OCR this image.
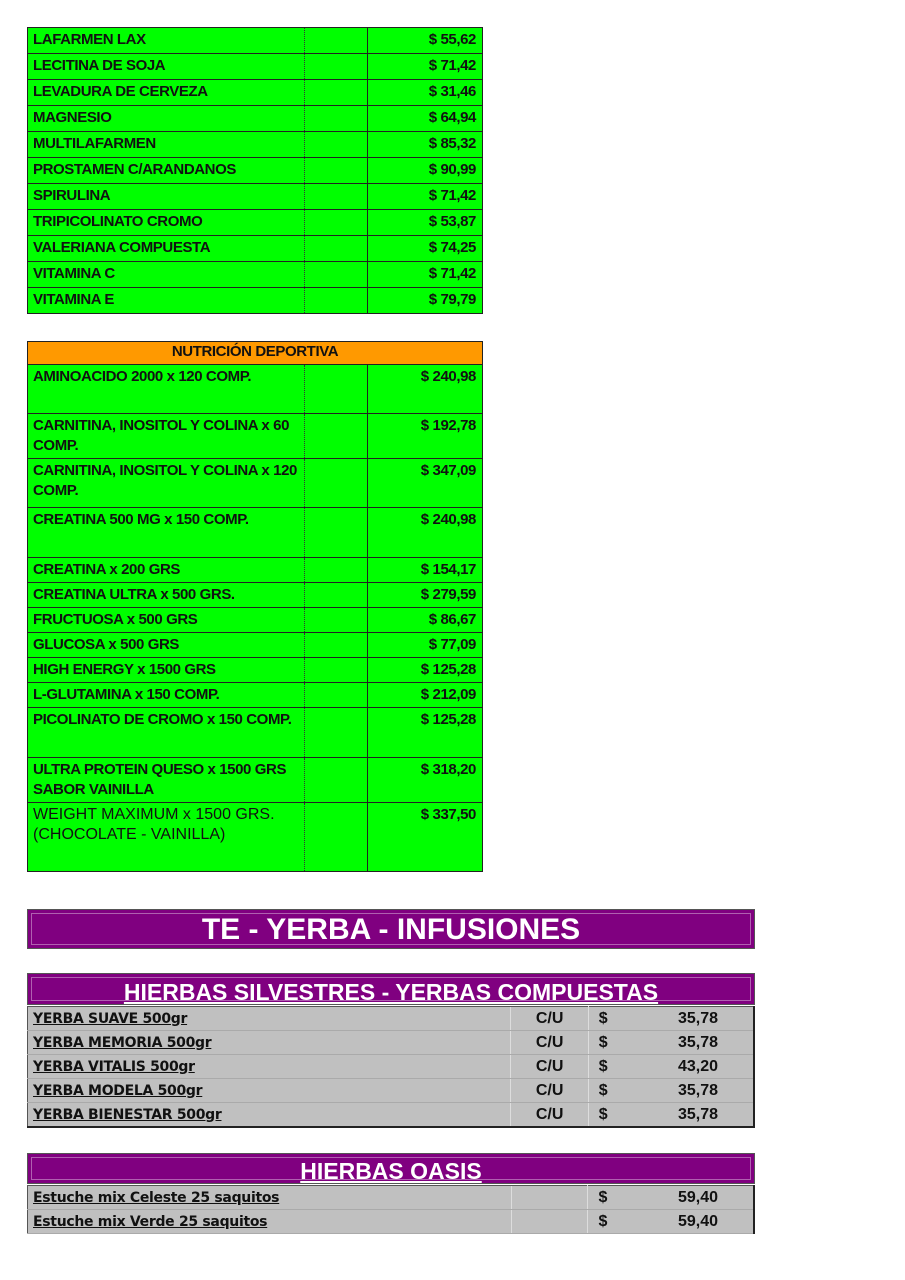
LAFARMEN LAX		$ 55,62
LECITINA DE SOJA		$ 71,42
LEVADURA DE CERVEZA		$ 31,46
MAGNESIO		$ 64,94
MULTILAFARMEN		$ 85,32
PROSTAMEN C/ARANDANOS		$ 90,99
SPIRULINA		$ 71,42
TRIPICOLINATO CROMO		$ 53,87
VALERIANA COMPUESTA		$ 74,25
VITAMINA C		$ 71,42
VITAMINA E		$ 79,79
NUTRICIÓN DEPORTIVA		
AMINOACIDO 2000 x 120 COMP.		$ 240,98
CARNITINA, INOSITOL Y COLINA x 60 COMP.		$ 192,78
CARNITINA, INOSITOL Y COLINA x 120 COMP.		$ 347,09
CREATINA 500 MG x 150 COMP.		$ 240,98
CREATINA x 200 GRS		$ 154,17
CREATINA ULTRA x 500 GRS.		$ 279,59
FRUCTUOSA x 500 GRS		$ 86,67
GLUCOSA x 500 GRS		$ 77,09
HIGH ENERGY x 1500 GRS		$ 125,28
L-GLUTAMINA x 150 COMP.		$ 212,09
PICOLINATO DE CROMO x 150 COMP.		$ 125,28
ULTRA PROTEIN QUESO x 1500 GRS SABOR VAINILLA		$ 318,20
WEIGHT MAXIMUM x 1500 GRS. (CHOCOLATE - VAINILLA)		$ 337,50
TE - YERBA - INFUSIONES
HIERBAS SILVESTRES - YERBAS COMPUESTAS
YERBA SUAVE 500gr	C/U	$	35,78
YERBA MEMORIA 500gr	C/U	$	35,78
YERBA VITALIS 500gr	C/U	$	43,20
YERBA MODELA 500gr	C/U	$	35,78
YERBA BIENESTAR 500gr	C/U	$	35,78
HIERBAS OASIS
Estuche mix Celeste 25 saquitos		$	59,40
Estuche mix Verde 25 saquitos		$	59,40
